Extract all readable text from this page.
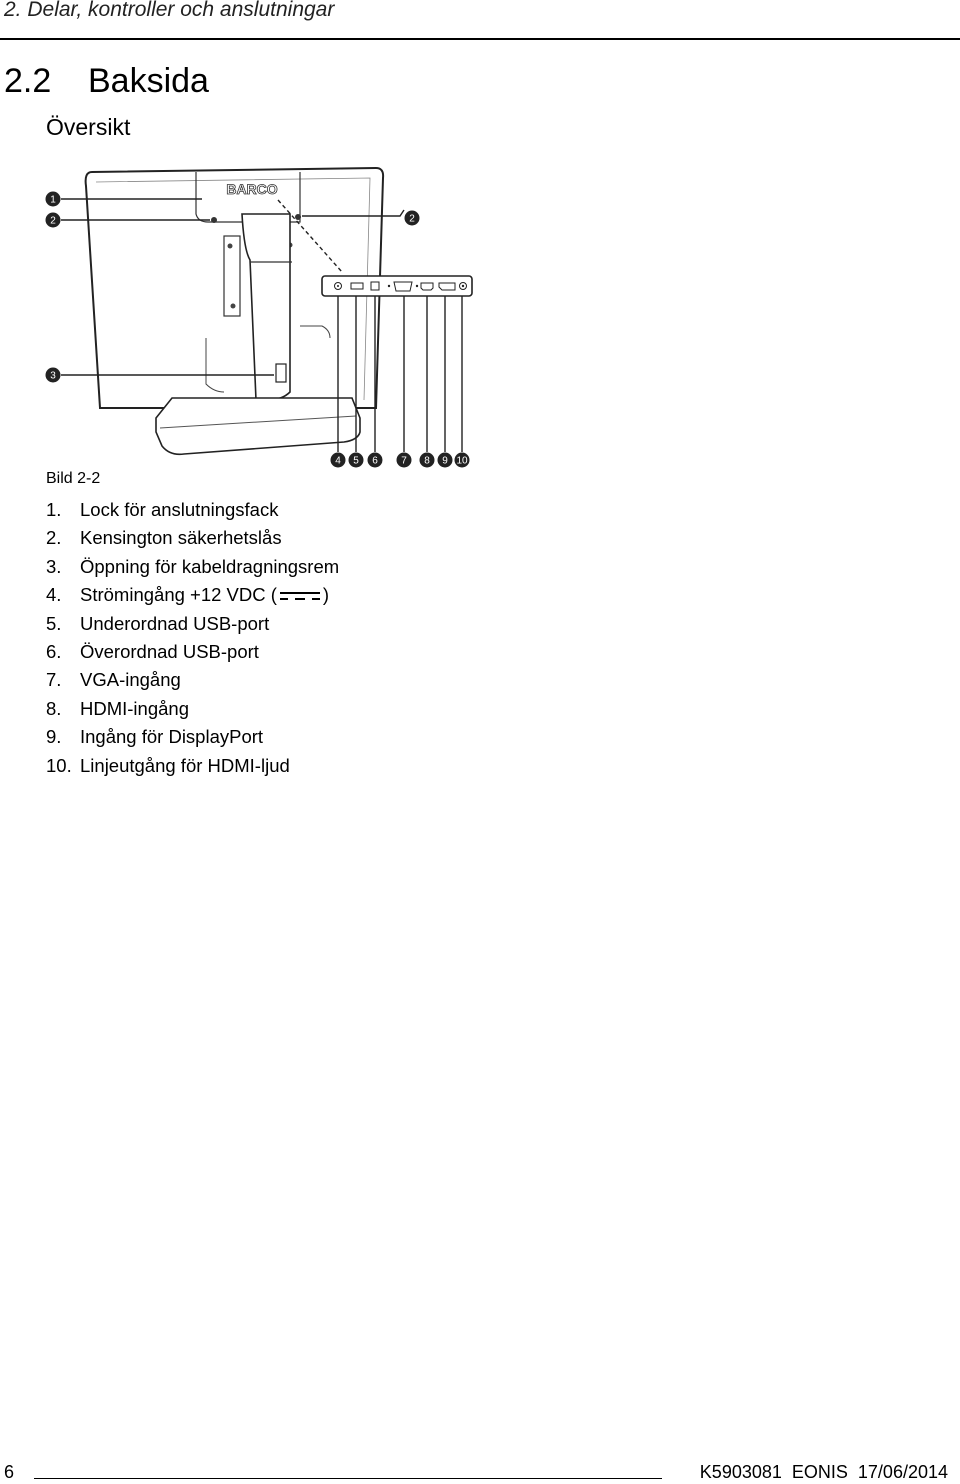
2. Delar, kontroller och anslutningar
2.2 Baksida
Översikt
BARCO
1
2
3
2
4 5 6 7 8 9 10
Bild 2-2
1. Lock för anslutningsfack
2. Kensington säkerhetslås
3. Öppning för kabeldragningsrem
4. Strömingång +12 VDC ( )
5. Underordnad USB-port
6. Överordnad USB-port
7. VGA-ingång
8. HDMI-ingång
9. Ingång för DisplayPort
10. Linjeutgång för HDMI-ljud
6	K5903081 EONIS 17/06/2014
